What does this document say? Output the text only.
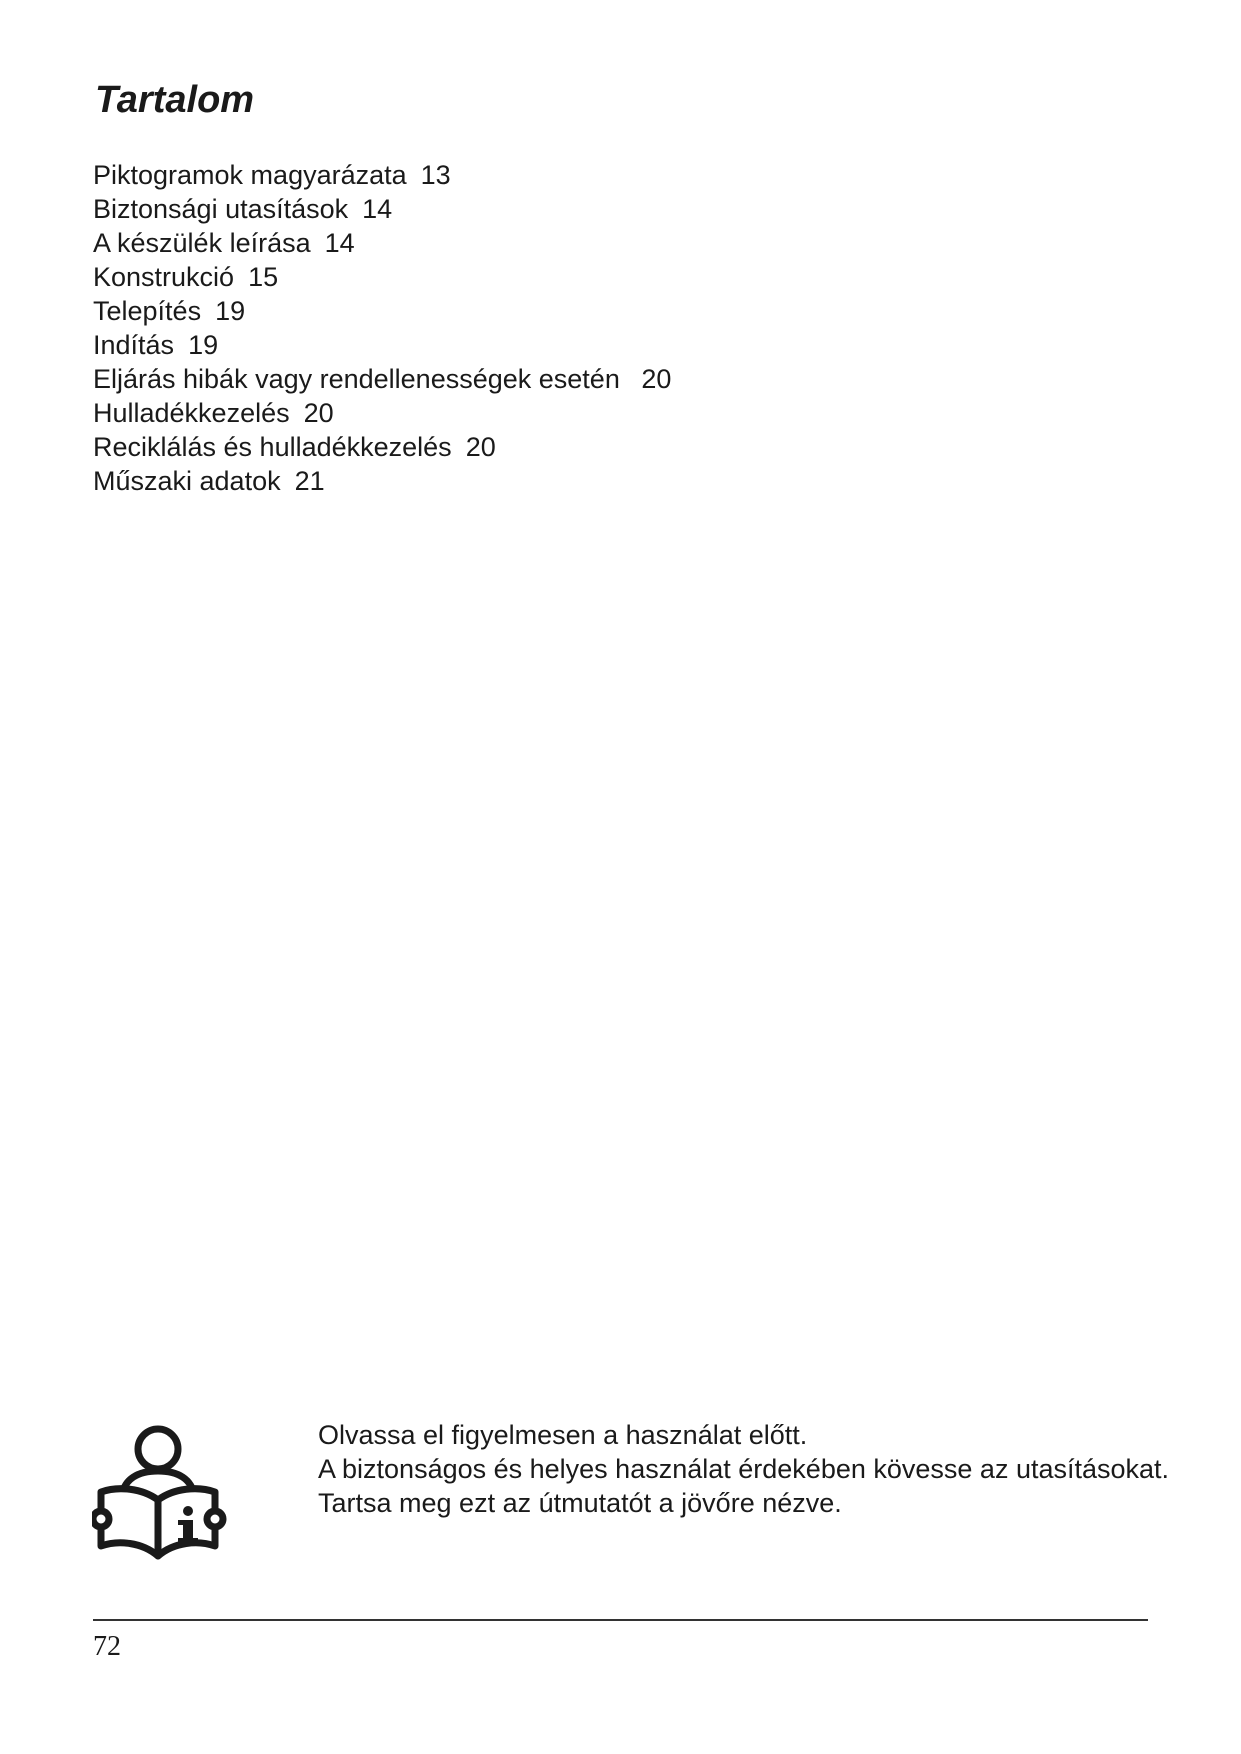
Tartalom
Piktogramok magyarázata 13
Biztonsági utasítások 14
A készülék leírása 14
Konstrukció 15
Telepítés 19
Indítás 19
Eljárás hibák vagy rendellenességek esetén 20
Hulladékkezelés 20
Reciklálás és hulladékkezelés 20
Műszaki adatok 21
Olvassa el figyelmesen a használat előtt.
A biztonságos és helyes használat érdekében kövesse az utasításokat.
Tartsa meg ezt az útmutatót a jövőre nézve.
72
